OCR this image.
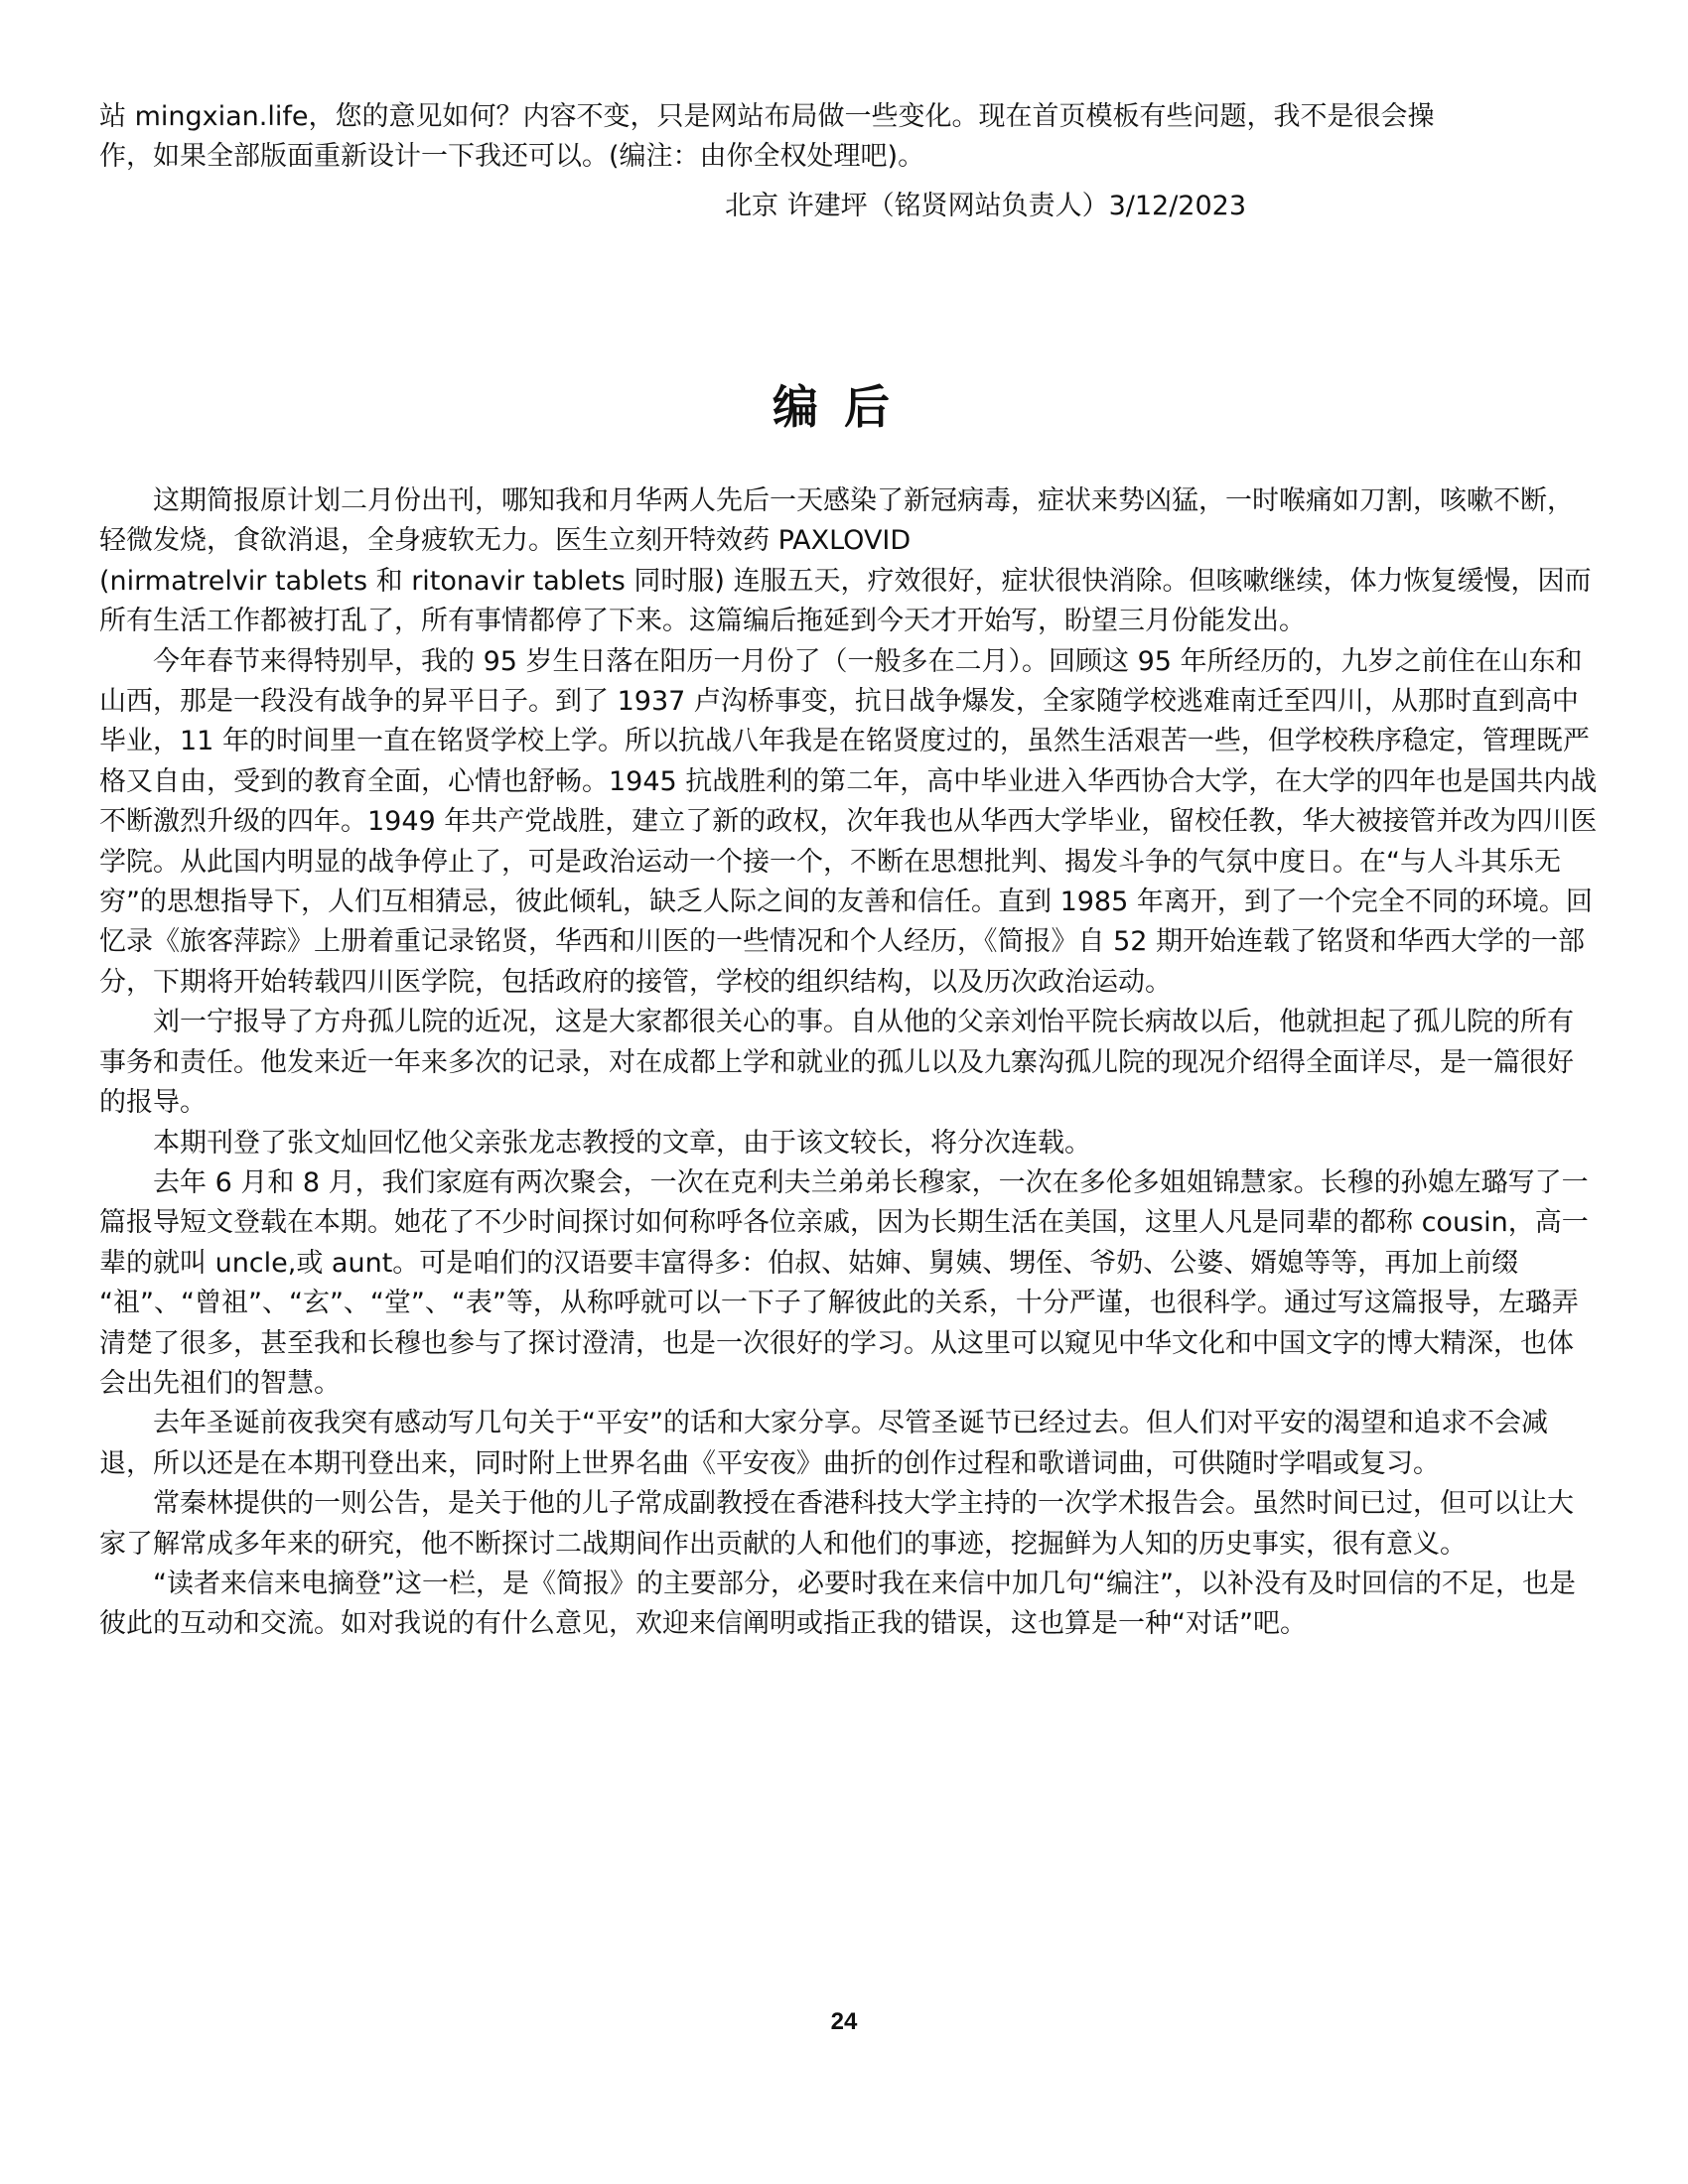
站 mingxian.life，您的意见如何？内容不变，只是网站布局做一些变化。现在首页模板有些问题，我不是很会操

作，如果全部版面重新设计一下我还可以。(编注：由你全权处理吧)。

北京 许建坪（铭贤网站负责人）3/12/2023
编后

这期简报原计划二月份出刊，哪知我和月华两人先后一天感染了新冠病毒，症状来势凶猛，一时喉痛如刀割，咳嗽不断，轻微发烧，食欲消退，全身疲软无力。医生立刻开特效药 PAXLOVID

(nirmatrelvir tablets 和 ritonavir tablets 同时服) 连服五天，疗效很好，症状很快消除。但咳嗽继续，体力恢复缓慢，因而所有生活工作都被打乱了，所有事情都停了下来。这篇编后拖延到今天才开始写，盼望三月份能发出。

今年春节来得特别早，我的 95 岁生日落在阳历一月份了（一般多在二月）。回顾这 95 年所经历的，九岁之前住在山东和山西，那是一段没有战争的昇平日子。到了 1937 卢沟桥事变，抗日战争爆发，全家随学校逃难南迁至四川，从那时直到高中毕业，11 年的时间里一直在铭贤学校上学。所以抗战八年我是在铭贤度过的，虽然生活艰苦一些，但学校秩序稳定，管理既严格又自由，受到的教育全面，心情也舒畅。1945 抗战胜利的第二年，高中毕业进入华西协合大学，在大学的四年也是国共内战不断激烈升级的四年。1949 年共产党战胜，建立了新的政权，次年我也从华西大学毕业，留校任教，华大被接管并改为四川医学院。从此国内明显的战争停止了，可是政治运动一个接一个，不断在思想批判、揭发斗争的气氛中度日。在“与人斗其乐无穷”的思想指导下，人们互相猜忌，彼此倾轧，缺乏人际之间的友善和信任。直到 1985 年离开，到了一个完全不同的环境。回忆录《旅客萍踪》上册着重记录铭贤，华西和川医的一些情况和个人经历，《简报》自 52 期开始连载了铭贤和华西大学的一部分，下期将开始转载四川医学院，包括政府的接管，学校的组织结构，以及历次政治运动。

刘一宁报导了方舟孤儿院的近况，这是大家都很关心的事。自从他的父亲刘怡平院长病故以后，他就担起了孤儿院的所有事务和责任。他发来近一年来多次的记录，对在成都上学和就业的孤儿以及九寨沟孤儿院的现况介绍得全面详尽，是一篇很好的报导。

本期刊登了张文灿回忆他父亲张龙志教授的文章，由于该文较长，将分次连载。

去年 6 月和 8 月，我们家庭有两次聚会，一次在克利夫兰弟弟长穆家，一次在多伦多姐姐锦慧家。长穆的孙媳左璐写了一篇报导短文登载在本期。她花了不少时间探讨如何称呼各位亲戚，因为长期生活在美国，这里人凡是同辈的都称 cousin，高一辈的就叫 uncle,或 aunt。可是咱们的汉语要丰富得多：伯叔、姑婶、舅姨、甥侄、爷奶、公婆、婿媳等等，再加上前缀 “祖”、“曾祖”、“玄”、“堂”、“表”等，从称呼就可以一下子了解彼此的关系，十分严谨，也很科学。通过写这篇报导，左璐弄清楚了很多，甚至我和长穆也参与了探讨澄清，也是一次很好的学习。从这里可以窥见中华文化和中国文字的博大精深，也体会出先祖们的智慧。

去年圣诞前夜我突有感动写几句关于“平安”的话和大家分享。尽管圣诞节已经过去。但人们对平安的渴望和追求不会减退，所以还是在本期刊登出来，同时附上世界名曲《平安夜》曲折的创作过程和歌谱词曲，可供随时学唱或复习。

常秦林提供的一则公告，是关于他的儿子常成副教授在香港科技大学主持的一次学术报告会。虽然时间已过，但可以让大家了解常成多年来的研究，他不断探讨二战期间作出贡献的人和他们的事迹，挖掘鲜为人知的历史事实，很有意义。

“读者来信来电摘登”这一栏，是《简报》的主要部分，必要时我在来信中加几句“编注”，以补没有及时回信的不足，也是彼此的互动和交流。如对我说的有什么意见，欢迎来信阐明或指正我的错误，这也算是一种“对话”吧。

24
